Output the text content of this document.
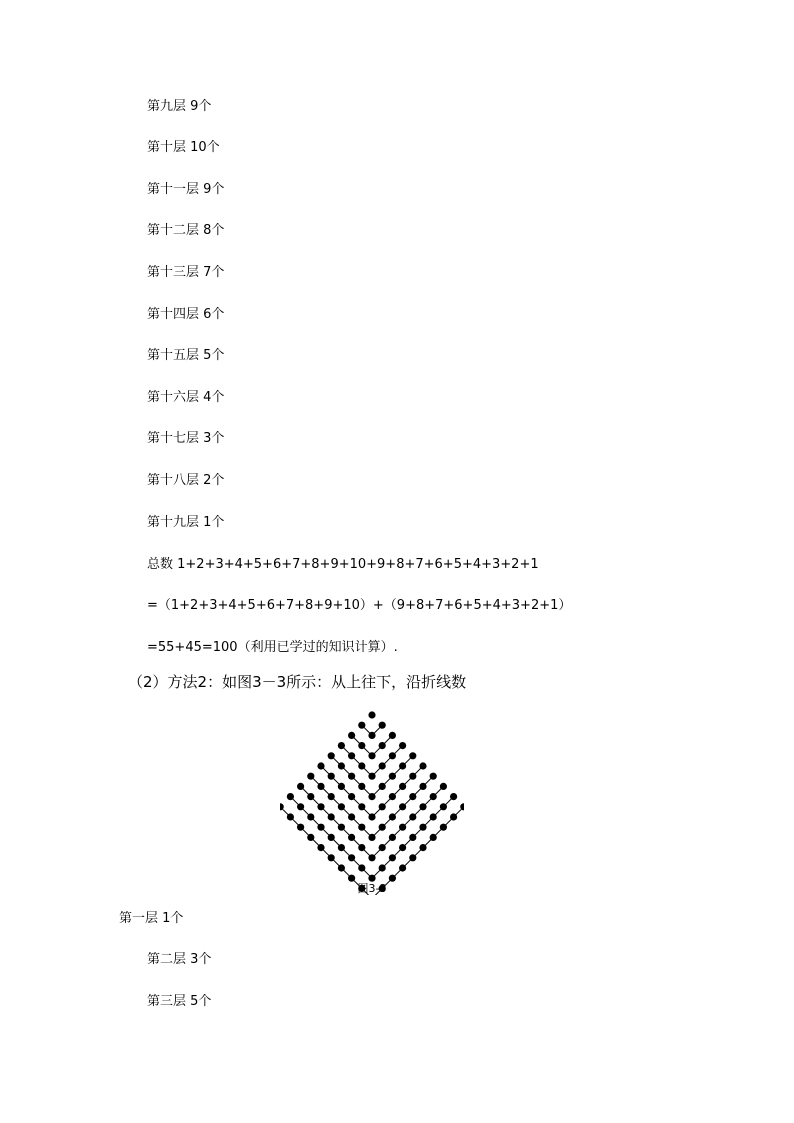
第九层 9个
第十层 10个
第十一层 9个
第十二层 8个
第十三层 7个
第十四层 6个
第十五层 5个
第十六层 4个
第十七层 3个
第十八层 2个
第十九层 1个
总数 1+2+3+4+5+6+7+8+9+10+9+8+7+6+5+4+3+2+1
=（1+2+3+4+5+6+7+8+9+10）+（9+8+7+6+5+4+3+2+1）
=55+45=100（利用已学过的知识计算）.
（2）方法2：如图3－3所示：从上往下，沿折线数
图3-3
第一层 1个
第二层 3个
第三层 5个
